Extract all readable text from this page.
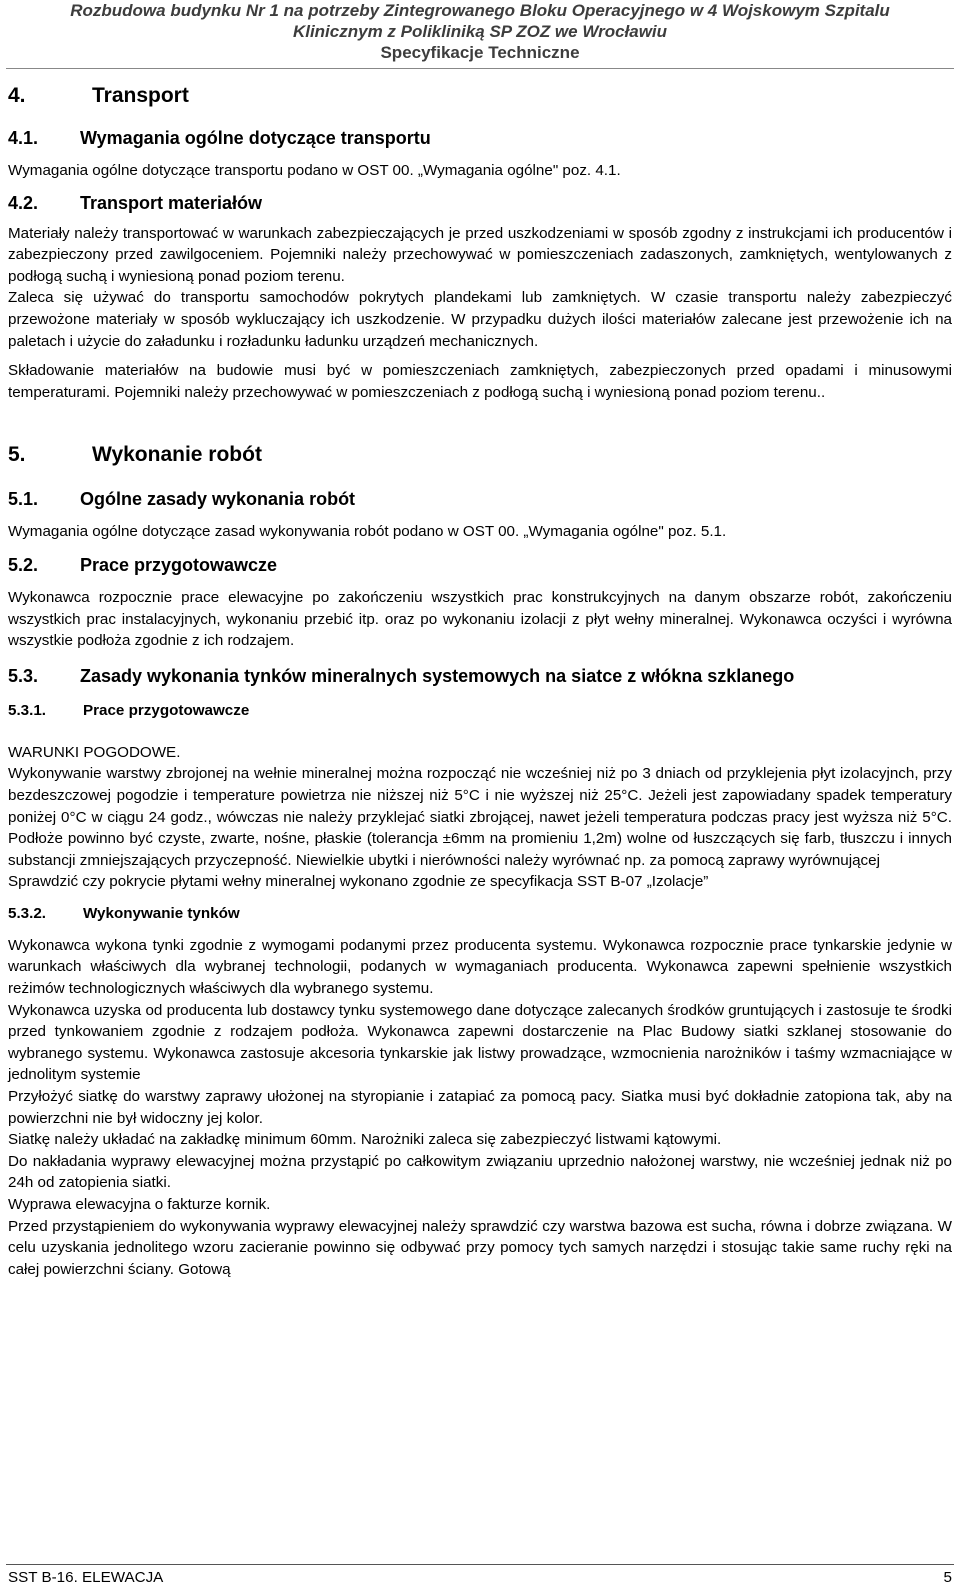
Rozbudowa budynku Nr 1 na potrzeby Zintegrowanego Bloku Operacyjnego w 4 Wojskowym Szpitalu
Klinicznym z Polikliniką SP ZOZ we Wrocławiu
Specyfikacje Techniczne
4.	Transport
4.1.	Wymagania ogólne dotyczące transportu

Wymagania ogólne dotyczące transportu podano w OST 00. „Wymagania ogólne" poz. 4.1.

4.2.	Transport materiałów

Materiały należy transportować w warunkach zabezpieczających je przed uszkodzeniami w sposób zgodny z instrukcjami ich producentów i zabezpieczony przed zawilgoceniem. Pojemniki należy przechowywać w pomieszczeniach zadaszonych, zamkniętych, wentylowanych z podłogą suchą i wyniesioną ponad poziom terenu.

Zaleca się używać do transportu samochodów pokrytych plandekami lub zamkniętych. W czasie transportu należy zabezpieczyć przewożone materiały w sposób wykluczający ich uszkodzenie. W przypadku dużych ilości materiałów zalecane jest przewożenie ich na paletach i użycie do załadunku i rozładunku ładunku urządzeń mechanicznych.

Składowanie materiałów na budowie musi być w pomieszczeniach zamkniętych, zabezpieczonych przed opadami i minusowymi temperaturami. Pojemniki należy przechowywać w pomieszczeniach z podłogą suchą i wyniesioną ponad poziom terenu..

5.	Wykonanie robót
5.1.	Ogólne zasady wykonania robót

Wymagania ogólne dotyczące zasad wykonywania robót podano w OST 00. „Wymagania ogólne" poz. 5.1.

5.2.	Prace przygotowawcze

Wykonawca rozpocznie prace elewacyjne po zakończeniu wszystkich prac konstrukcyjnych na danym obszarze robót, zakończeniu wszystkich prac instalacyjnych, wykonaniu przebić itp. oraz po wykonaniu izolacji z płyt wełny mineralnej. Wykonawca oczyści i wyrówna wszystkie podłoża zgodnie z ich rodzajem.

5.3.	Zasady wykonania tynków mineralnych systemowych na siatce z włókna szklanego
5.3.1.	Prace przygotowawcze

WARUNKI POGODOWE.

Wykonywanie warstwy zbrojonej na wełnie mineralnej można rozpocząć nie wcześniej niż po 3 dniach od przyklejenia płyt izolacyjnch, przy bezdeszczowej pogodzie i temperature powietrza nie niższej niż 5°C i nie wyższej niż 25°C. Jeżeli jest zapowiadany spadek temperatury poniżej 0°C w ciągu 24 godz., wówczas nie należy przyklejać siatki zbrojącej, nawet jeżeli temperatura podczas pracy jest wyższa niż 5°C. Podłoże powinno być czyste, zwarte, nośne, płaskie (tolerancja ±6mm na promieniu 1,2m) wolne od łuszczących się farb, tłuszczu i innych substancji zmniejszających przyczepność. Niewielkie ubytki i nierówności należy wyrównać np. za pomocą zaprawy wyrównującej

Sprawdzić czy pokrycie płytami wełny mineralnej wykonano zgodnie ze specyfikacja SST B-07 „Izolacje”

5.3.2.	Wykonywanie tynków

Wykonawca wykona tynki zgodnie z wymogami podanymi przez producenta systemu. Wykonawca rozpocznie prace tynkarskie jedynie w warunkach właściwych dla wybranej technologii, podanych w wymaganiach producenta. Wykonawca zapewni spełnienie wszystkich reżimów technologicznych właściwych dla wybranego systemu.

Wykonawca uzyska od producenta lub dostawcy tynku systemowego dane dotyczące zalecanych środków gruntujących i zastosuje te środki przed tynkowaniem zgodnie z rodzajem podłoża. Wykonawca zapewni dostarczenie na Plac Budowy siatki szklanej stosowanie do wybranego systemu. Wykonawca zastosuje akcesoria tynkarskie jak listwy prowadzące, wzmocnienia narożników i taśmy wzmacniające w jednolitym systemie

Przyłożyć siatkę do warstwy zaprawy ułożonej na styropianie i zatapiać za pomocą pacy. Siatka musi być dokładnie zatopiona tak, aby na powierzchni nie był widoczny jej kolor.

Siatkę należy układać na zakładkę minimum 60mm. Narożniki zaleca się zabezpieczyć listwami kątowymi.

Do nakładania wyprawy elewacyjnej można przystąpić po całkowitym związaniu uprzednio nałożonej warstwy, nie wcześniej jednak niż po 24h od zatopienia siatki.

Wyprawa elewacyjna o fakturze kornik.

Przed przystąpieniem do wykonywania wyprawy elewacyjnej należy sprawdzić czy warstwa bazowa est sucha, równa i dobrze związana. W celu uzyskania jednolitego wzoru zacieranie powinno się odbywać przy pomocy tych samych narzędzi i stosując takie same ruchy ręki na całej powierzchni ściany. Gotową

SST B-16. ELEWACJA	5
